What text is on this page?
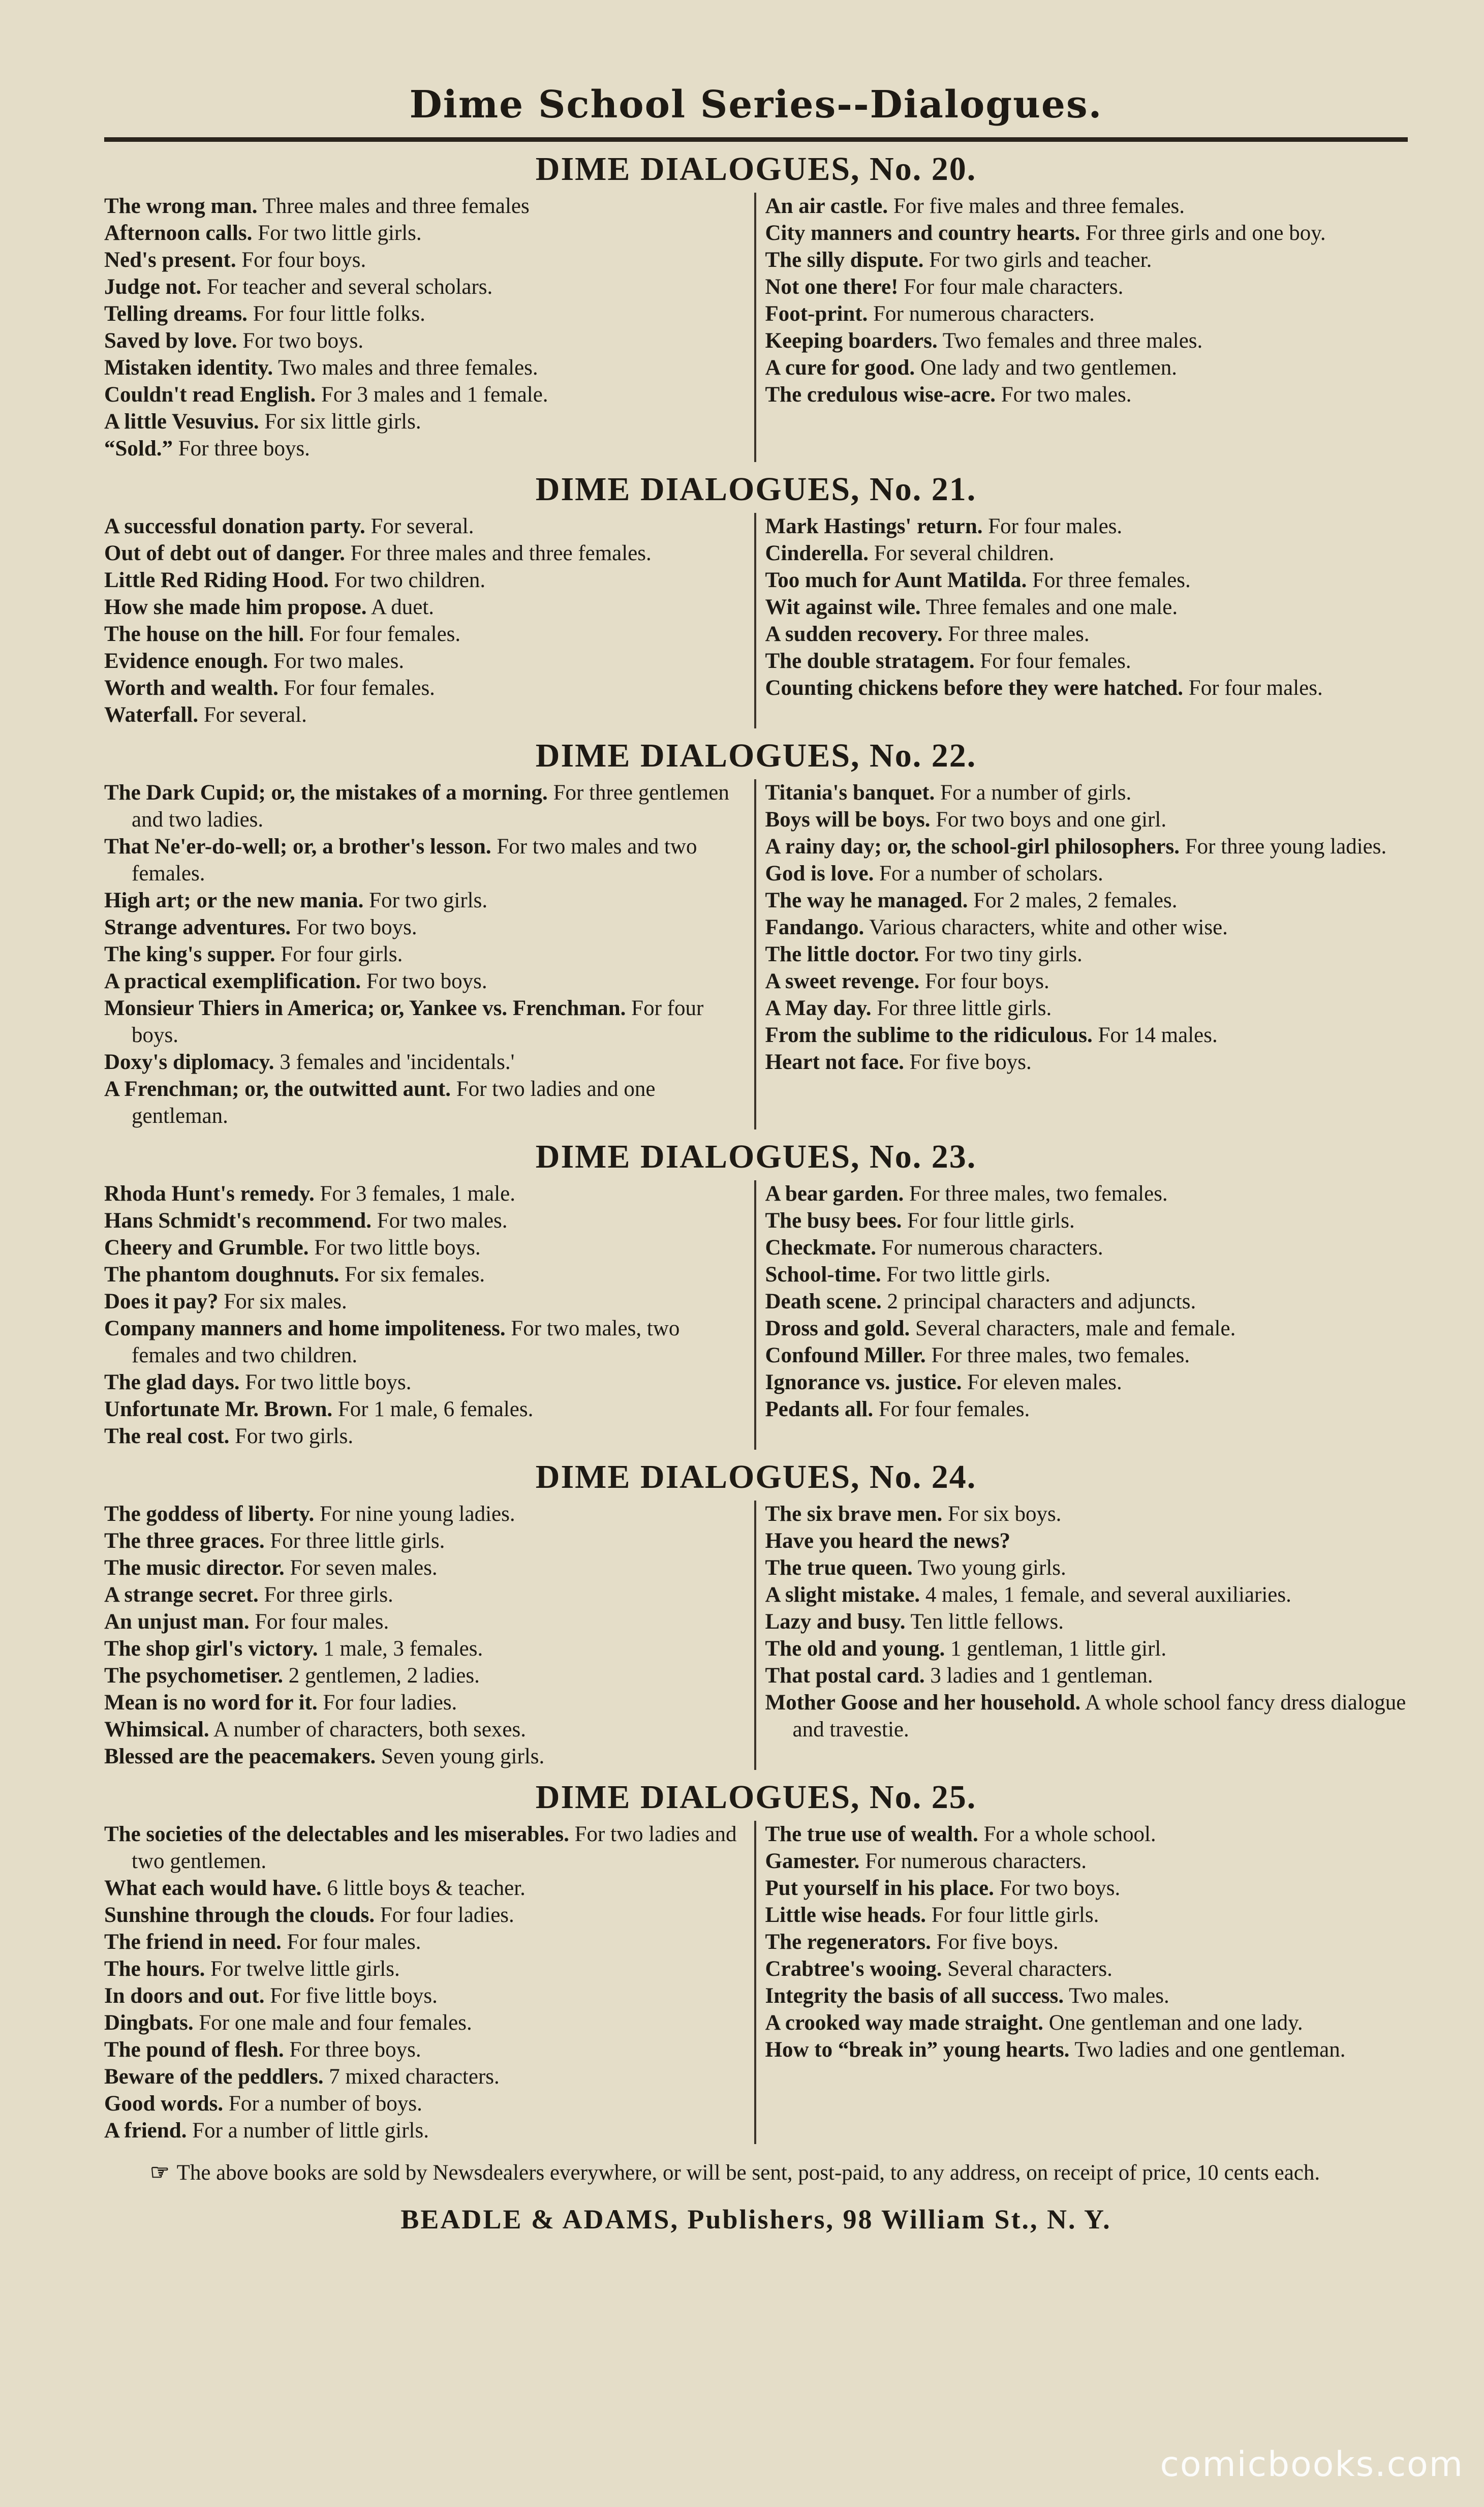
Dime School Series--Dialogues.
DIME DIALOGUES, No. 20.
The wrong man. Three males and three females
Afternoon calls. For two little girls.
Ned's present. For four boys.
Judge not. For teacher and several scholars.
Telling dreams. For four little folks.
Saved by love. For two boys.
Mistaken identity. Two males and three females.
Couldn't read English. For 3 males and 1 female.
A little Vesuvius. For six little girls.
“Sold.” For three boys.
An air castle. For five males and three females.
City manners and country hearts. For three girls and one boy.
The silly dispute. For two girls and teacher.
Not one there! For four male characters.
Foot-print. For numerous characters.
Keeping boarders. Two females and three males.
A cure for good. One lady and two gentlemen.
The credulous wise-acre. For two males.
DIME DIALOGUES, No. 21.
A successful donation party. For several.
Out of debt out of danger. For three males and three females.
Little Red Riding Hood. For two children.
How she made him propose. A duet.
The house on the hill. For four females.
Evidence enough. For two males.
Worth and wealth. For four females.
Waterfall. For several.
Mark Hastings' return. For four males.
Cinderella. For several children.
Too much for Aunt Matilda. For three females.
Wit against wile. Three females and one male.
A sudden recovery. For three males.
The double stratagem. For four females.
Counting chickens before they were hatched. For four males.
DIME DIALOGUES, No. 22.
The Dark Cupid; or, the mistakes of a morning. For three gentlemen and two ladies.
That Ne'er-do-well; or, a brother's lesson. For two males and two females.
High art; or the new mania. For two girls.
Strange adventures. For two boys.
The king's supper. For four girls.
A practical exemplification. For two boys.
Monsieur Thiers in America; or, Yankee vs. Frenchman. For four boys.
Doxy's diplomacy. 3 females and 'incidentals.'
A Frenchman; or, the outwitted aunt. For two ladies and one gentleman.
Titania's banquet. For a number of girls.
Boys will be boys. For two boys and one girl.
A rainy day; or, the school-girl philosophers. For three young ladies.
God is love. For a number of scholars.
The way he managed. For 2 males, 2 females.
Fandango. Various characters, white and other wise.
The little doctor. For two tiny girls.
A sweet revenge. For four boys.
A May day. For three little girls.
From the sublime to the ridiculous. For 14 males.
Heart not face. For five boys.
DIME DIALOGUES, No. 23.
Rhoda Hunt's remedy. For 3 females, 1 male.
Hans Schmidt's recommend. For two males.
Cheery and Grumble. For two little boys.
The phantom doughnuts. For six females.
Does it pay? For six males.
Company manners and home impoliteness. For two males, two females and two children.
The glad days. For two little boys.
Unfortunate Mr. Brown. For 1 male, 6 females.
The real cost. For two girls.
A bear garden. For three males, two females.
The busy bees. For four little girls.
Checkmate. For numerous characters.
School-time. For two little girls.
Death scene. 2 principal characters and adjuncts.
Dross and gold. Several characters, male and female.
Confound Miller. For three males, two females.
Ignorance vs. justice. For eleven males.
Pedants all. For four females.
DIME DIALOGUES, No. 24.
The goddess of liberty. For nine young ladies.
The three graces. For three little girls.
The music director. For seven males.
A strange secret. For three girls.
An unjust man. For four males.
The shop girl's victory. 1 male, 3 females.
The psychometiser. 2 gentlemen, 2 ladies.
Mean is no word for it. For four ladies.
Whimsical. A number of characters, both sexes.
Blessed are the peacemakers. Seven young girls.
The six brave men. For six boys.
Have you heard the news?
The true queen. Two young girls.
A slight mistake. 4 males, 1 female, and several auxiliaries.
Lazy and busy. Ten little fellows.
The old and young. 1 gentleman, 1 little girl.
That postal card. 3 ladies and 1 gentleman.
Mother Goose and her household. A whole school fancy dress dialogue and travestie.
DIME DIALOGUES, No. 25.
The societies of the delectables and les miserables. For two ladies and two gentlemen.
What each would have. 6 little boys & teacher.
Sunshine through the clouds. For four ladies.
The friend in need. For four males.
The hours. For twelve little girls.
In doors and out. For five little boys.
Dingbats. For one male and four females.
The pound of flesh. For three boys.
Beware of the peddlers. 7 mixed characters.
Good words. For a number of boys.
A friend. For a number of little girls.
The true use of wealth. For a whole school.
Gamester. For numerous characters.
Put yourself in his place. For two boys.
Little wise heads. For four little girls.
The regenerators. For five boys.
Crabtree's wooing. Several characters.
Integrity the basis of all success. Two males.
A crooked way made straight. One gentleman and one lady.
How to “break in” young hearts. Two ladies and one gentleman.
☞ The above books are sold by Newsdealers everywhere, or will be sent, post-paid, to any address, on receipt of price, 10 cents each.
BEADLE & ADAMS, Publishers, 98 William St., N. Y.
comicbooks.com
